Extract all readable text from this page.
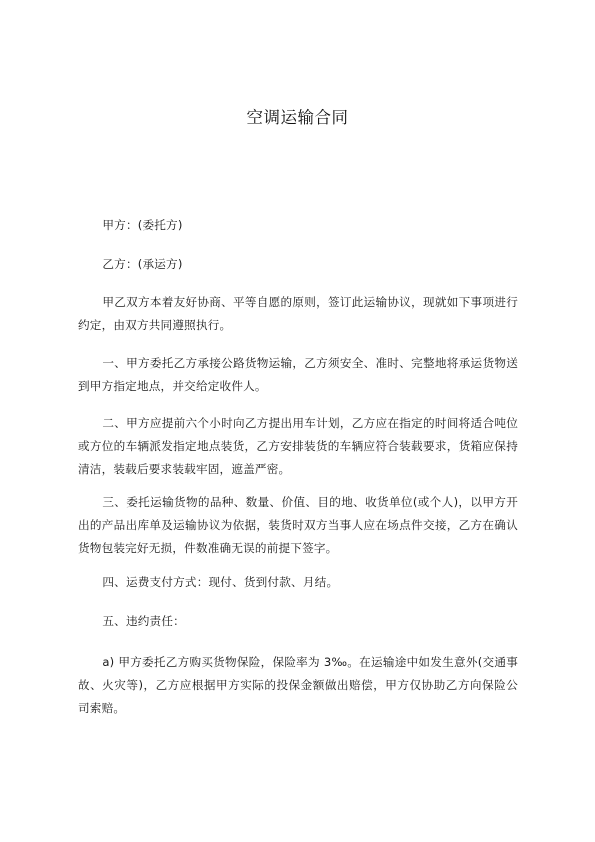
空调运输合同

甲方：(委托方)

乙方：(承运方)

甲乙双方本着友好协商、平等自愿的原则，签订此运输协议，现就如下事项进行约定，由双方共同遵照执行。

一、甲方委托乙方承接公路货物运输，乙方须安全、准时、完整地将承运货物送到甲方指定地点，并交给定收件人。

二、甲方应提前六个小时向乙方提出用车计划，乙方应在指定的时间将适合吨位或方位的车辆派发指定地点装货，乙方安排装货的车辆应符合装载要求，货箱应保持清洁，装载后要求装载牢固，遮盖严密。

三、委托运输货物的品种、数量、价值、目的地、收货单位(或个人)，以甲方开出的产品出库单及运输协议为依据，装货时双方当事人应在场点件交接，乙方在确认货物包装完好无损，件数准确无误的前提下签字。

四、运费支付方式：现付、货到付款、月结。

五、违约责任：

a) 甲方委托乙方购买货物保险，保险率为 3‰。在运输途中如发生意外(交通事故、火灾等)，乙方应根据甲方实际的投保金额做出赔偿，甲方仅协助乙方向保险公司索赔。
